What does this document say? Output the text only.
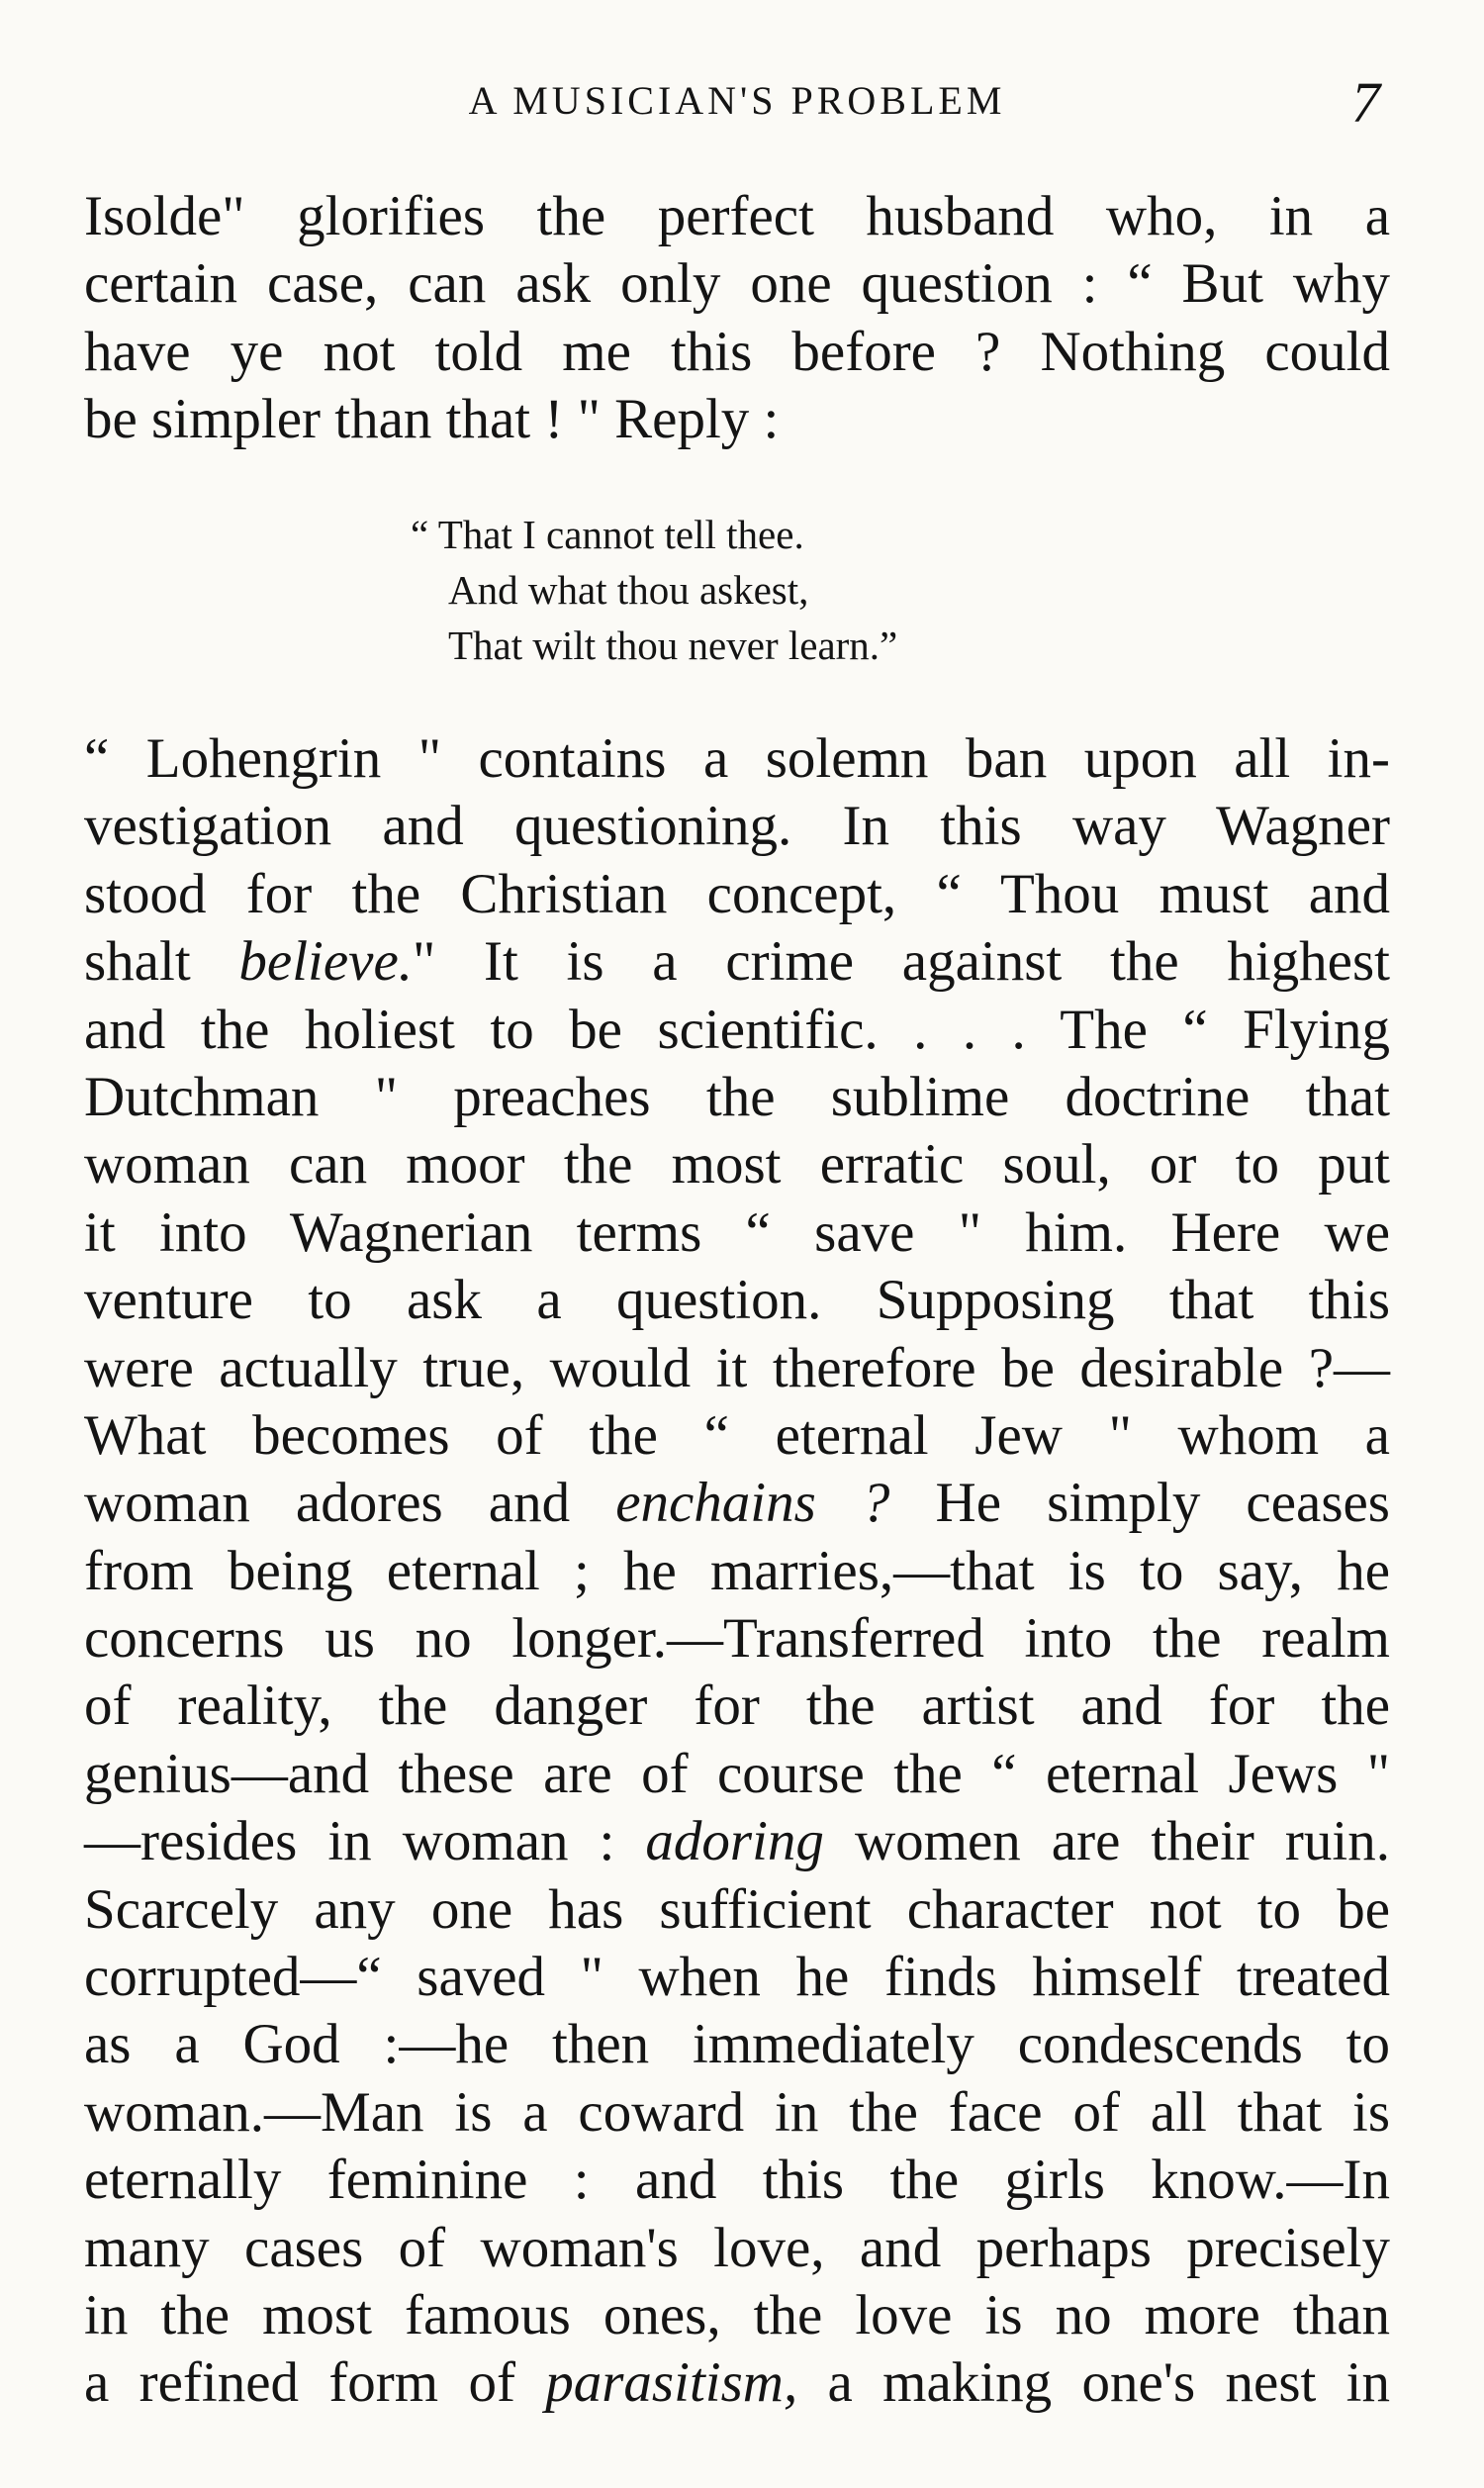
A MUSICIAN'S PROBLEM	7
Isolde" glorifies the perfect husband who, in a
certain case, can ask only one question : “ But why
have ye not told me this before ? Nothing could
be simpler than that ! " Reply :
“ That I cannot tell thee.
And what thou askest,
That wilt thou never learn.”
“ Lohengrin " contains a solemn ban upon all in-
vestigation and questioning. In this way Wagner
stood for the Christian concept, “ Thou must and
shalt believe." It is a crime against the highest
and the holiest to be scientific. . . . The “ Flying
Dutchman " preaches the sublime doctrine that
woman can moor the most erratic soul, or to put
it into Wagnerian terms “ save " him. Here we
venture to ask a question. Supposing that this
were actually true, would it therefore be desirable ?—
What becomes of the “ eternal Jew " whom a
woman adores and enchains ? He simply ceases
from being eternal ; he marries,—that is to say, he
concerns us no longer.—Transferred into the realm
of reality, the danger for the artist and for the
genius—and these are of course the “ eternal Jews "
—resides in woman : adoring women are their ruin.
Scarcely any one has sufficient character not to be
corrupted—“ saved " when he finds himself treated
as a God :—he then immediately condescends to
woman.—Man is a coward in the face of all that is
eternally feminine : and this the girls know.—In
many cases of woman's love, and perhaps precisely
in the most famous ones, the love is no more than
a refined form of parasitism, a making one's nest in
